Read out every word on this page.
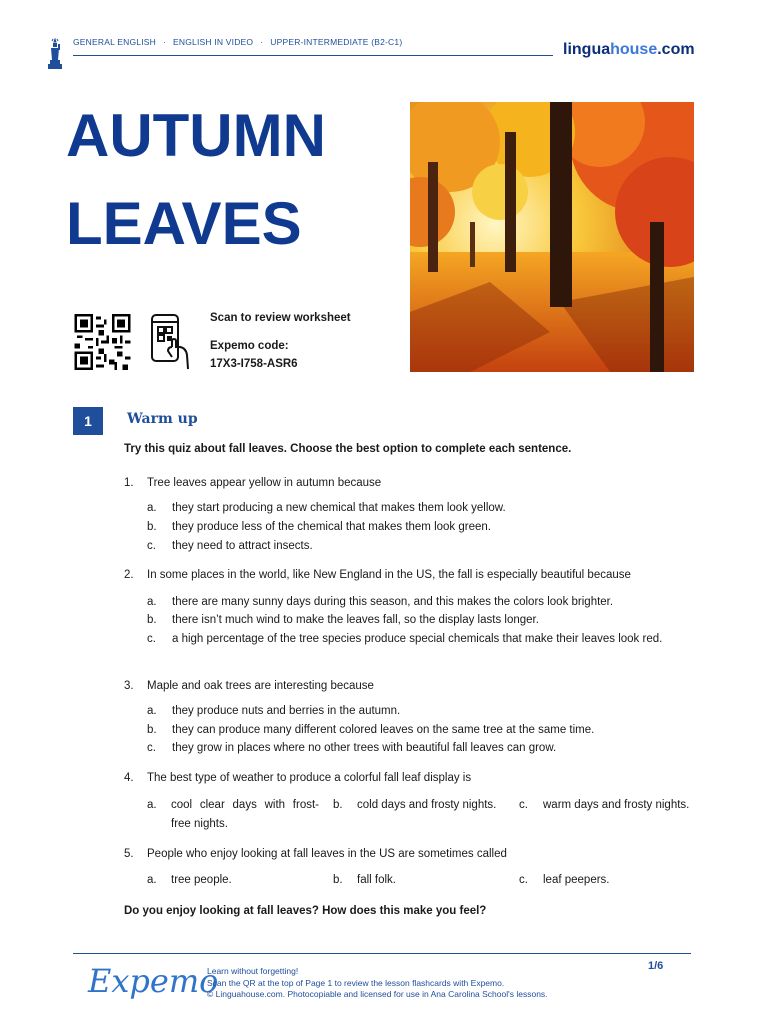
GENERAL ENGLISH · ENGLISH IN VIDEO · UPPER-INTERMEDIATE (B2-C1)	linguahouse.com
AUTUMN
LEAVES
Scan to review worksheet
Expemo code:
17X3-I758-ASR6
1	Warm up
Try this quiz about fall leaves. Choose the best option to complete each sentence.
1. Tree leaves appear yellow in autumn because
a. they start producing a new chemical that makes them look yellow.
b. they produce less of the chemical that makes them look green.
c. they need to attract insects.
2. In some places in the world, like New England in the US, the fall is especially beautiful because
a. there are many sunny days during this season, and this makes the colors look brighter.
b. there isn’t much wind to make the leaves fall, so the display lasts longer.
c. a high percentage of the tree species produce special chemicals that make their leaves look red.
3. Maple and oak trees are interesting because
a. they produce nuts and berries in the autumn.
b. they can produce many different colored leaves on the same tree at the same time.
c. they grow in places where no other trees with beautiful fall leaves can grow.
4. The best type of weather to produce a colorful fall leaf display is
a. cool clear days with frost-free nights.
b. cold days and frosty nights.	c. warm days and frosty nights.
5. People who enjoy looking at fall leaves in the US are sometimes called
a. tree people.	b. fall folk.	c. leaf peepers.
Do you enjoy looking at fall leaves? How does this make you feel?
Expemo
Learn without forgetting!
Scan the QR at the top of Page 1 to review the lesson flashcards with Expemo.
© Linguahouse.com. Photocopiable and licensed for use in Ana Carolina School's lessons.
1/6
